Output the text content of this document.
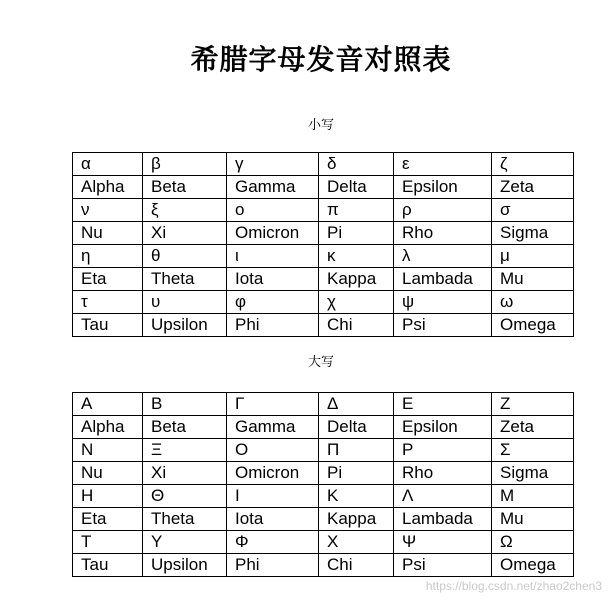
希腊字母发音对照表
小写
α	β	γ	δ	ε	ζ
Alpha	Beta	Gamma	Delta	Epsilon	Zeta
ν	ξ	ο	π	ρ	σ
Nu	Xi	Omicron	Pi	Rho	Sigma
η	θ	ι	κ	λ	μ
Eta	Theta	Iota	Kappa	Lambada	Mu
τ	υ	φ	χ	ψ	ω
Tau	Upsilon	Phi	Chi	Psi	Omega
大写
Α	Β	Γ	Δ	Ε	Ζ
Alpha	Beta	Gamma	Delta	Epsilon	Zeta
Ν	Ξ	Ο	Π	Ρ	Σ
Nu	Xi	Omicron	Pi	Rho	Sigma
Η	Θ	Ι	Κ	Λ	Μ
Eta	Theta	Iota	Kappa	Lambada	Mu
Τ	Υ	Φ	Χ	Ψ	Ω
Tau	Upsilon	Phi	Chi	Psi	Omega
https://blog.csdn.net/zhao2chen3
